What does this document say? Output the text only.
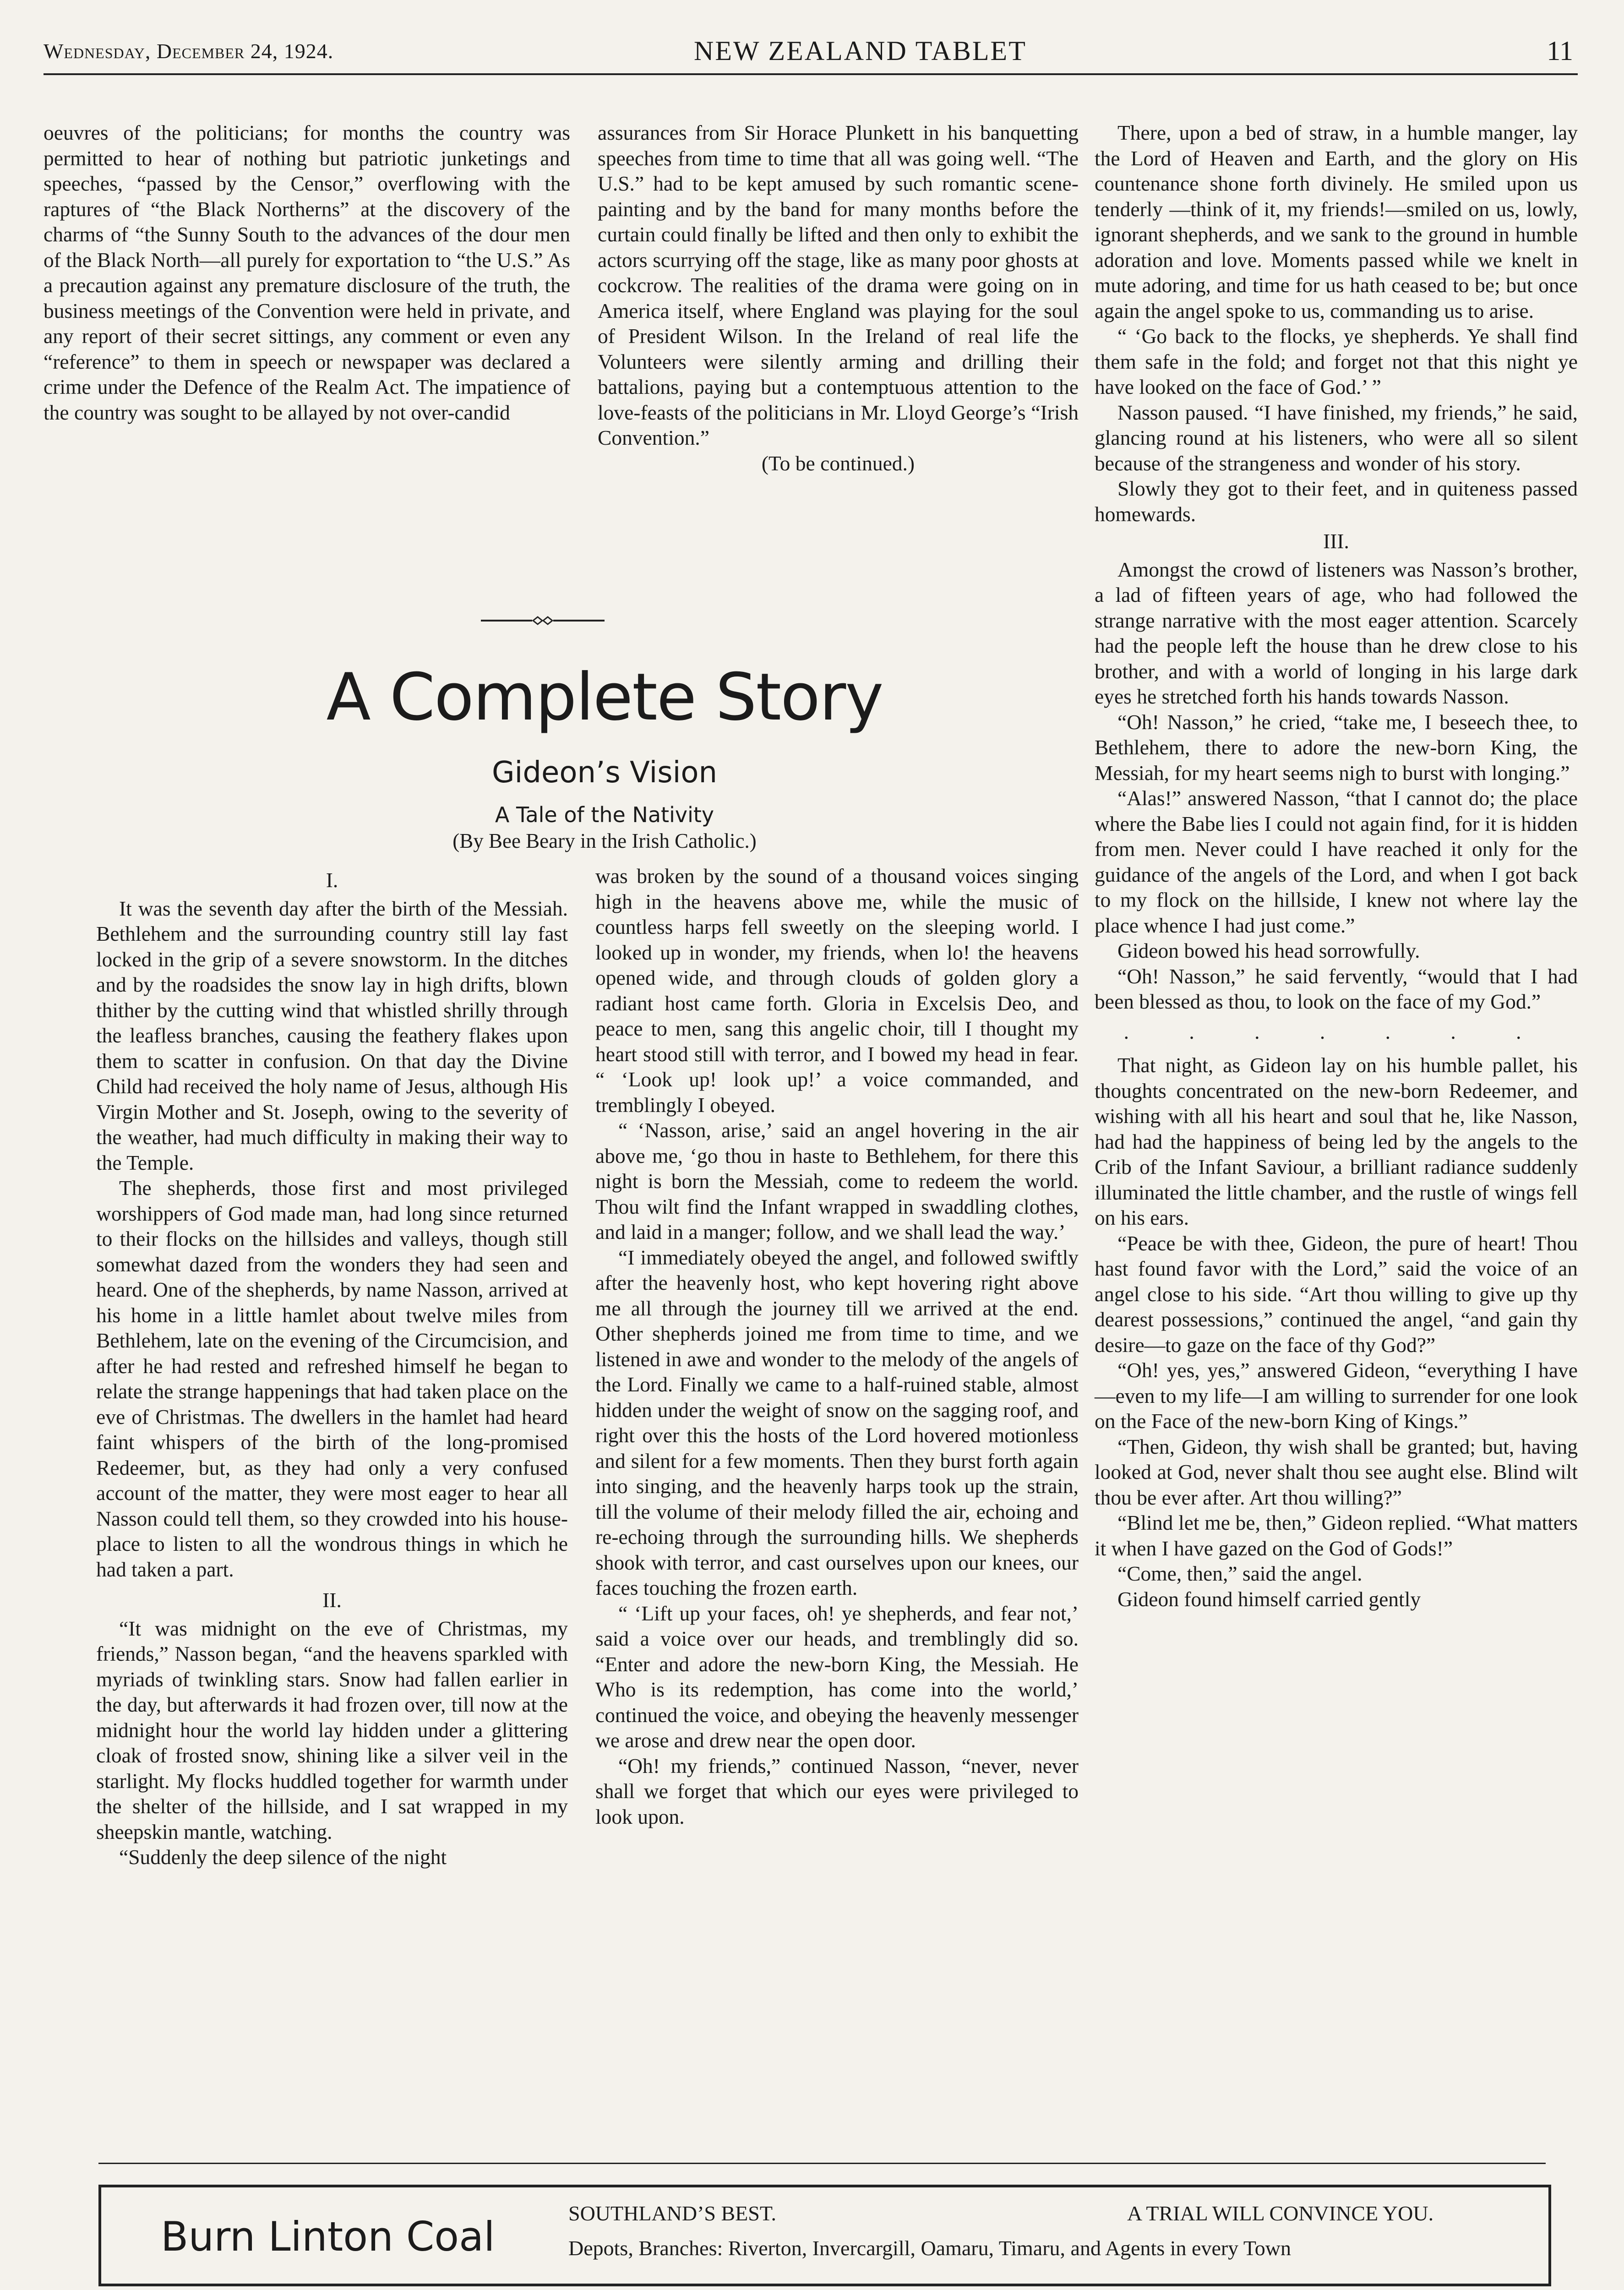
Wednesday, December 24, 1924.	NEW ZEALAND TABLET	11

oeuvres of the politicians; for months the country was permitted to hear of nothing but patriotic junketings and speeches, “passed by the Censor,” overflowing with the raptures of “the Black Northerns” at the discovery of the charms of “the Sunny South to the advances of the dour men of the Black North—all purely for exportation to “the U.S.” As a precaution against any premature disclosure of the truth, the business meetings of the Convention were held in private, and any report of their secret sittings, any comment or even any “reference” to them in speech or newspaper was declared a crime under the Defence of the Realm Act. The impatience of the country was sought to be allayed by not over-candid

assurances from Sir Horace Plunkett in his banquetting speeches from time to time that all was going well. “The U.S.” had to be kept amused by such romantic scene-painting and by the band for many months before the curtain could finally be lifted and then only to exhibit the actors scurrying off the stage, like as many poor ghosts at cockcrow. The realities of the drama were going on in America itself, where England was playing for the soul of President Wilson. In the Ireland of real life the Volunteers were silently arming and drilling their battalions, paying but a contemptuous attention to the love-feasts of the politicians in Mr. Lloyd George’s “Irish Convention.”

(To be continued.)

A Complete Story
Gideon’s Vision
A Tale of the Nativity
(By Bee Beary in the Irish Catholic.)
I.

It was the seventh day after the birth of the Messiah. Bethlehem and the surrounding country still lay fast locked in the grip of a severe snowstorm. In the ditches and by the roadsides the snow lay in high drifts, blown thither by the cutting wind that whistled shrilly through the leafless branches, causing the feathery flakes upon them to scatter in confusion. On that day the Divine Child had received the holy name of Jesus, although His Virgin Mother and St. Joseph, owing to the severity of the weather, had much difficulty in making their way to the Temple.

The shepherds, those first and most privileged worshippers of God made man, had long since returned to their flocks on the hillsides and valleys, though still somewhat dazed from the wonders they had seen and heard. One of the shepherds, by name Nasson, arrived at his home in a little hamlet about twelve miles from Bethlehem, late on the evening of the Circumcision, and after he had rested and refreshed himself he began to relate the strange happenings that had taken place on the eve of Christmas. The dwellers in the hamlet had heard faint whispers of the birth of the long-promised Redeemer, but, as they had only a very confused account of the matter, they were most eager to hear all Nasson could tell them, so they crowded into his house-place to listen to all the wondrous things in which he had taken a part.

II.

“It was midnight on the eve of Christmas, my friends,” Nasson began, “and the heavens sparkled with myriads of twinkling stars. Snow had fallen earlier in the day, but afterwards it had frozen over, till now at the midnight hour the world lay hidden under a glittering cloak of frosted snow, shining like a silver veil in the starlight. My flocks huddled together for warmth under the shelter of the hillside, and I sat wrapped in my sheepskin mantle, watching.

“Suddenly the deep silence of the night

was broken by the sound of a thousand voices singing high in the heavens above me, while the music of countless harps fell sweetly on the sleeping world. I looked up in wonder, my friends, when lo! the heavens opened wide, and through clouds of golden glory a radiant host came forth. Gloria in Excelsis Deo, and peace to men, sang this angelic choir, till I thought my heart stood still with terror, and I bowed my head in fear. “ ‘Look up! look up!’ a voice commanded, and tremblingly I obeyed.

“ ‘Nasson, arise,’ said an angel hovering in the air above me, ‘go thou in haste to Bethlehem, for there this night is born the Messiah, come to redeem the world. Thou wilt find the Infant wrapped in swaddling clothes, and laid in a manger; follow, and we shall lead the way.’

“I immediately obeyed the angel, and followed swiftly after the heavenly host, who kept hovering right above me all through the journey till we arrived at the end. Other shepherds joined me from time to time, and we listened in awe and wonder to the melody of the angels of the Lord. Finally we came to a half-ruined stable, almost hidden under the weight of snow on the sagging roof, and right over this the hosts of the Lord hovered motionless and silent for a few moments. Then they burst forth again into singing, and the heavenly harps took up the strain, till the volume of their melody filled the air, echoing and re-echoing through the surrounding hills. We shepherds shook with terror, and cast ourselves upon our knees, our faces touching the frozen earth.

“ ‘Lift up your faces, oh! ye shepherds, and fear not,’ said a voice over our heads, and tremblingly did so. “Enter and adore the new-born King, the Messiah. He Who is its redemption, has come into the world,’ continued the voice, and obeying the heavenly messenger we arose and drew near the open door.

“Oh! my friends,” continued Nasson, “never, never shall we forget that which our eyes were privileged to look upon.

There, upon a bed of straw, in a humble manger, lay the Lord of Heaven and Earth, and the glory on His countenance shone forth divinely. He smiled upon us tenderly —think of it, my friends!—smiled on us, lowly, ignorant shepherds, and we sank to the ground in humble adoration and love. Moments passed while we knelt in mute adoring, and time for us hath ceased to be; but once again the angel spoke to us, commanding us to arise.

“ ‘Go back to the flocks, ye shepherds. Ye shall find them safe in the fold; and forget not that this night ye have looked on the face of God.’ ”

Nasson paused. “I have finished, my friends,” he said, glancing round at his listeners, who were all so silent because of the strangeness and wonder of his story.

Slowly they got to their feet, and in quiteness passed homewards.

III.

Amongst the crowd of listeners was Nasson’s brother, a lad of fifteen years of age, who had followed the strange narrative with the most eager attention. Scarcely had the people left the house than he drew close to his brother, and with a world of longing in his large dark eyes he stretched forth his hands towards Nasson.

“Oh! Nasson,” he cried, “take me, I beseech thee, to Bethlehem, there to adore the new-born King, the Messiah, for my heart seems nigh to burst with longing.”

“Alas!” answered Nasson, “that I cannot do; the place where the Babe lies I could not again find, for it is hidden from men. Never could I have reached it only for the guidance of the angels of the Lord, and when I got back to my flock on the hillside, I knew not where lay the place whence I had just come.”

Gideon bowed his head sorrowfully.

“Oh! Nasson,” he said fervently, “would that I had been blessed as thou, to look on the face of my God.”

. . . . . . .

That night, as Gideon lay on his humble pallet, his thoughts concentrated on the new-born Redeemer, and wishing with all his heart and soul that he, like Nasson, had had the happiness of being led by the angels to the Crib of the Infant Saviour, a brilliant radiance suddenly illuminated the little chamber, and the rustle of wings fell on his ears.

“Peace be with thee, Gideon, the pure of heart! Thou hast found favor with the Lord,” said the voice of an angel close to his side. “Art thou willing to give up thy dearest possessions,” continued the angel, “and gain thy desire—to gaze on the face of thy God?”

“Oh! yes, yes,” answered Gideon, “everything I have—even to my life—I am willing to surrender for one look on the Face of the new-born King of Kings.”

“Then, Gideon, thy wish shall be granted; but, having looked at God, never shalt thou see aught else. Blind wilt thou be ever after. Art thou willing?”

“Blind let me be, then,” Gideon replied. “What matters it when I have gazed on the God of Gods!”

“Come, then,” said the angel.

Gideon found himself carried gently

Burn Linton Coal	SOUTHLAND’S BEST.
Depots, Branches: Riverton, Invercargill, Oamaru, Timaru, and Agents in every Town
A TRIAL WILL CONVINCE YOU.
